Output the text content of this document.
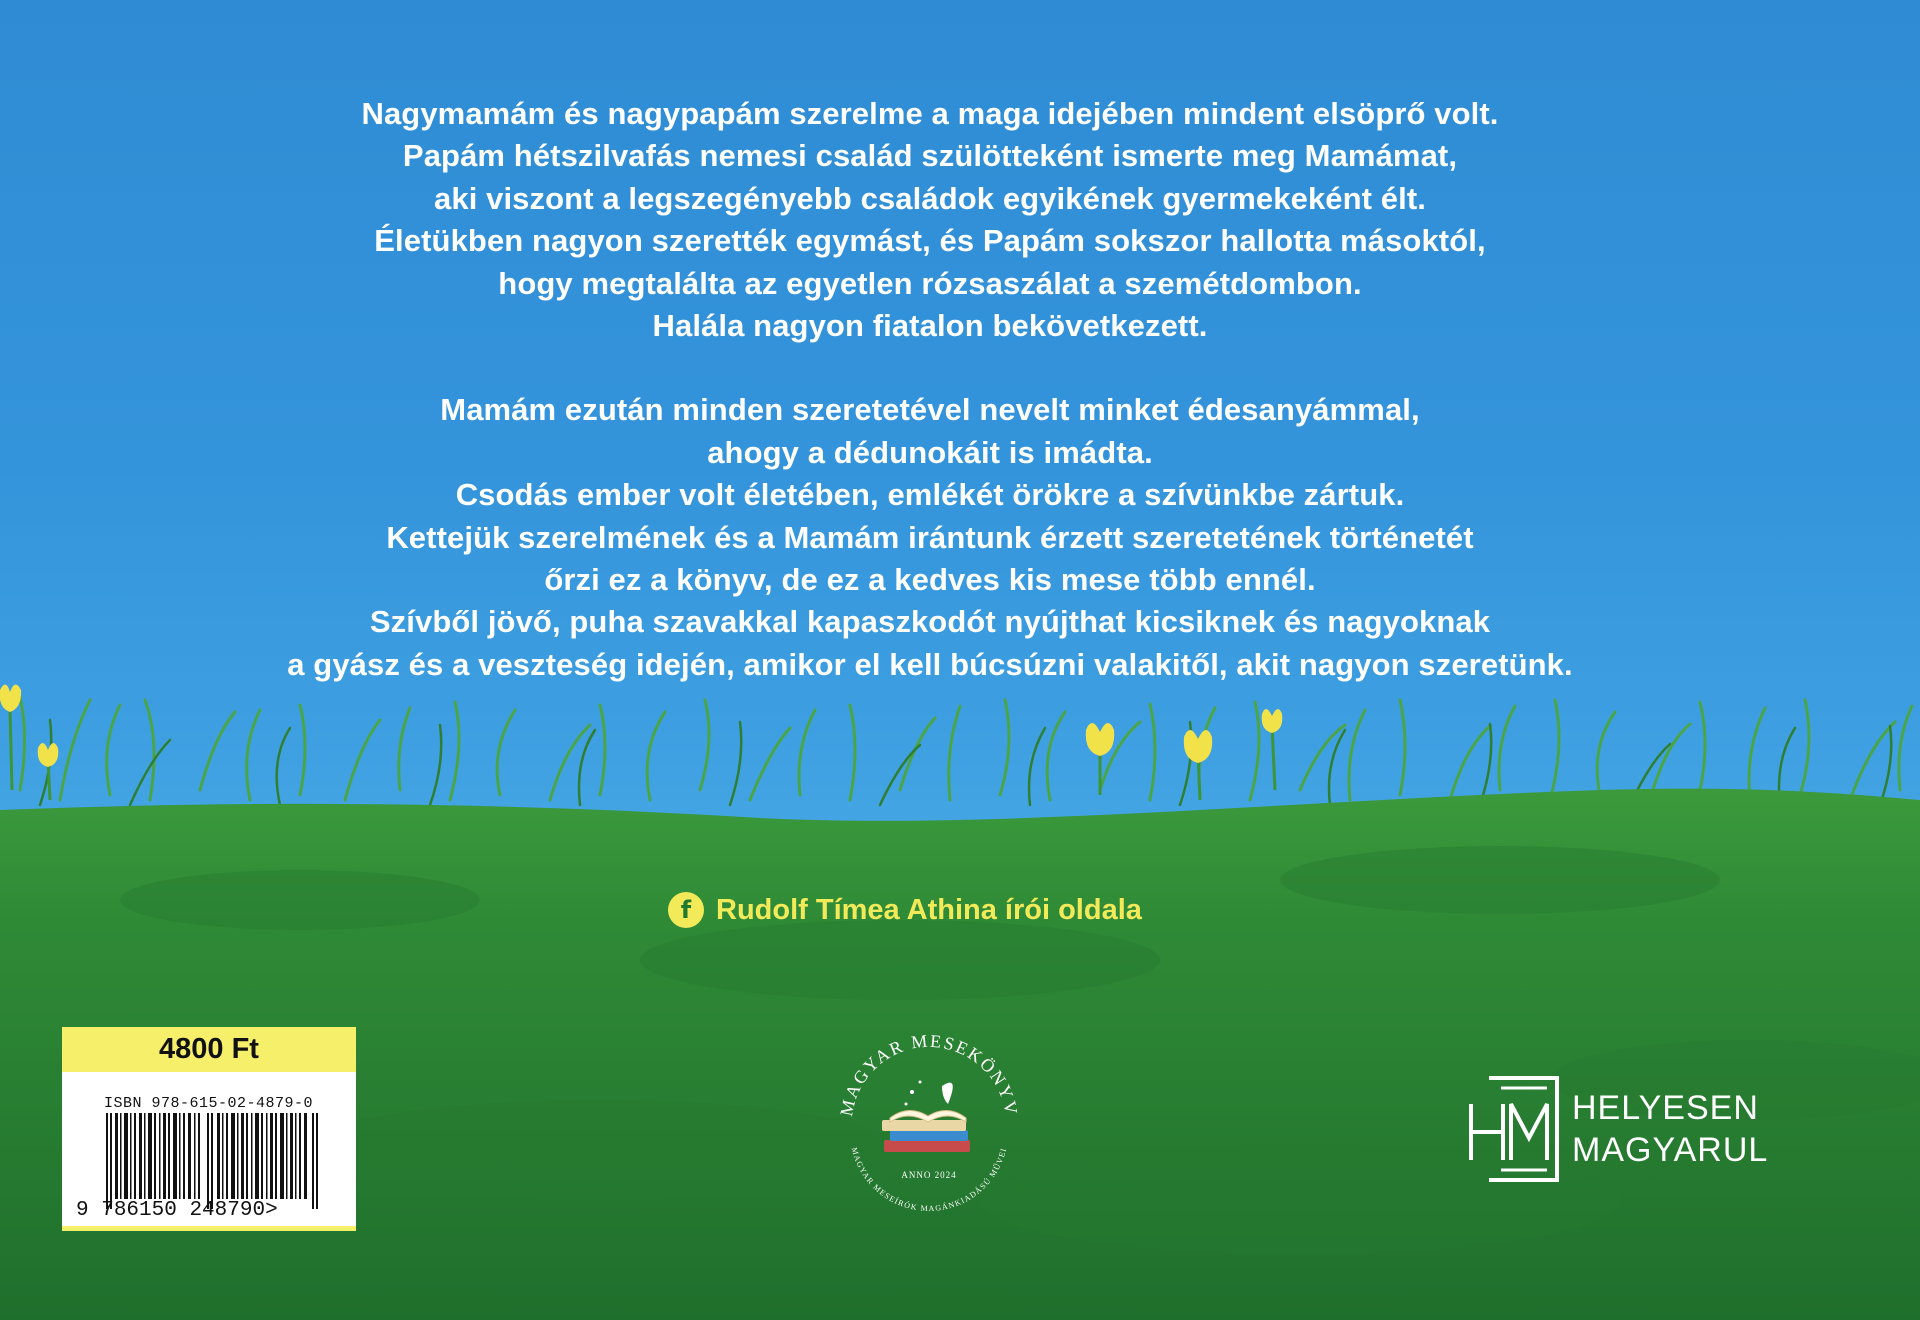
Nagymamám és nagypapám szerelme a maga idejében mindent elsöprő volt.

Papám hétszilvafás nemesi család szülötteként ismerte meg Mamámat,

aki viszont a legszegényebb családok egyikének gyermekeként élt.

Életükben nagyon szerették egymást, és Papám sokszor hallotta másoktól,

hogy megtalálta az egyetlen rózsaszálat a szemétdombon.

Halála nagyon fiatalon bekövetkezett.

Mamám ezután minden szeretetével nevelt minket édesanyámmal,

ahogy a dédunokáit is imádta.

Csodás ember volt életében, emlékét örökre a szívünkbe zártuk.

Kettejük szerelmének és a Mamám irántunk érzett szeretetének történetét

őrzi ez a könyv, de ez a kedves kis mese több ennél.

Szívből jövő, puha szavakkal kapaszkodót nyújthat kicsiknek és nagyoknak

a gyász és a veszteség idején, amikor el kell búcsúzni valakitől, akit nagyon szeretünk.

f Rudolf Tímea Athina írói oldala
4800 Ft
ISBN 978-615-02-4879-0
9 786150 248790>
MAGYAR MESEKÖNYV
MAGYAR MESEÍRÓK MAGÁNKIADÁSÚ MŰVEI
ANNO 2024
HELYESEN
MAGYARUL
